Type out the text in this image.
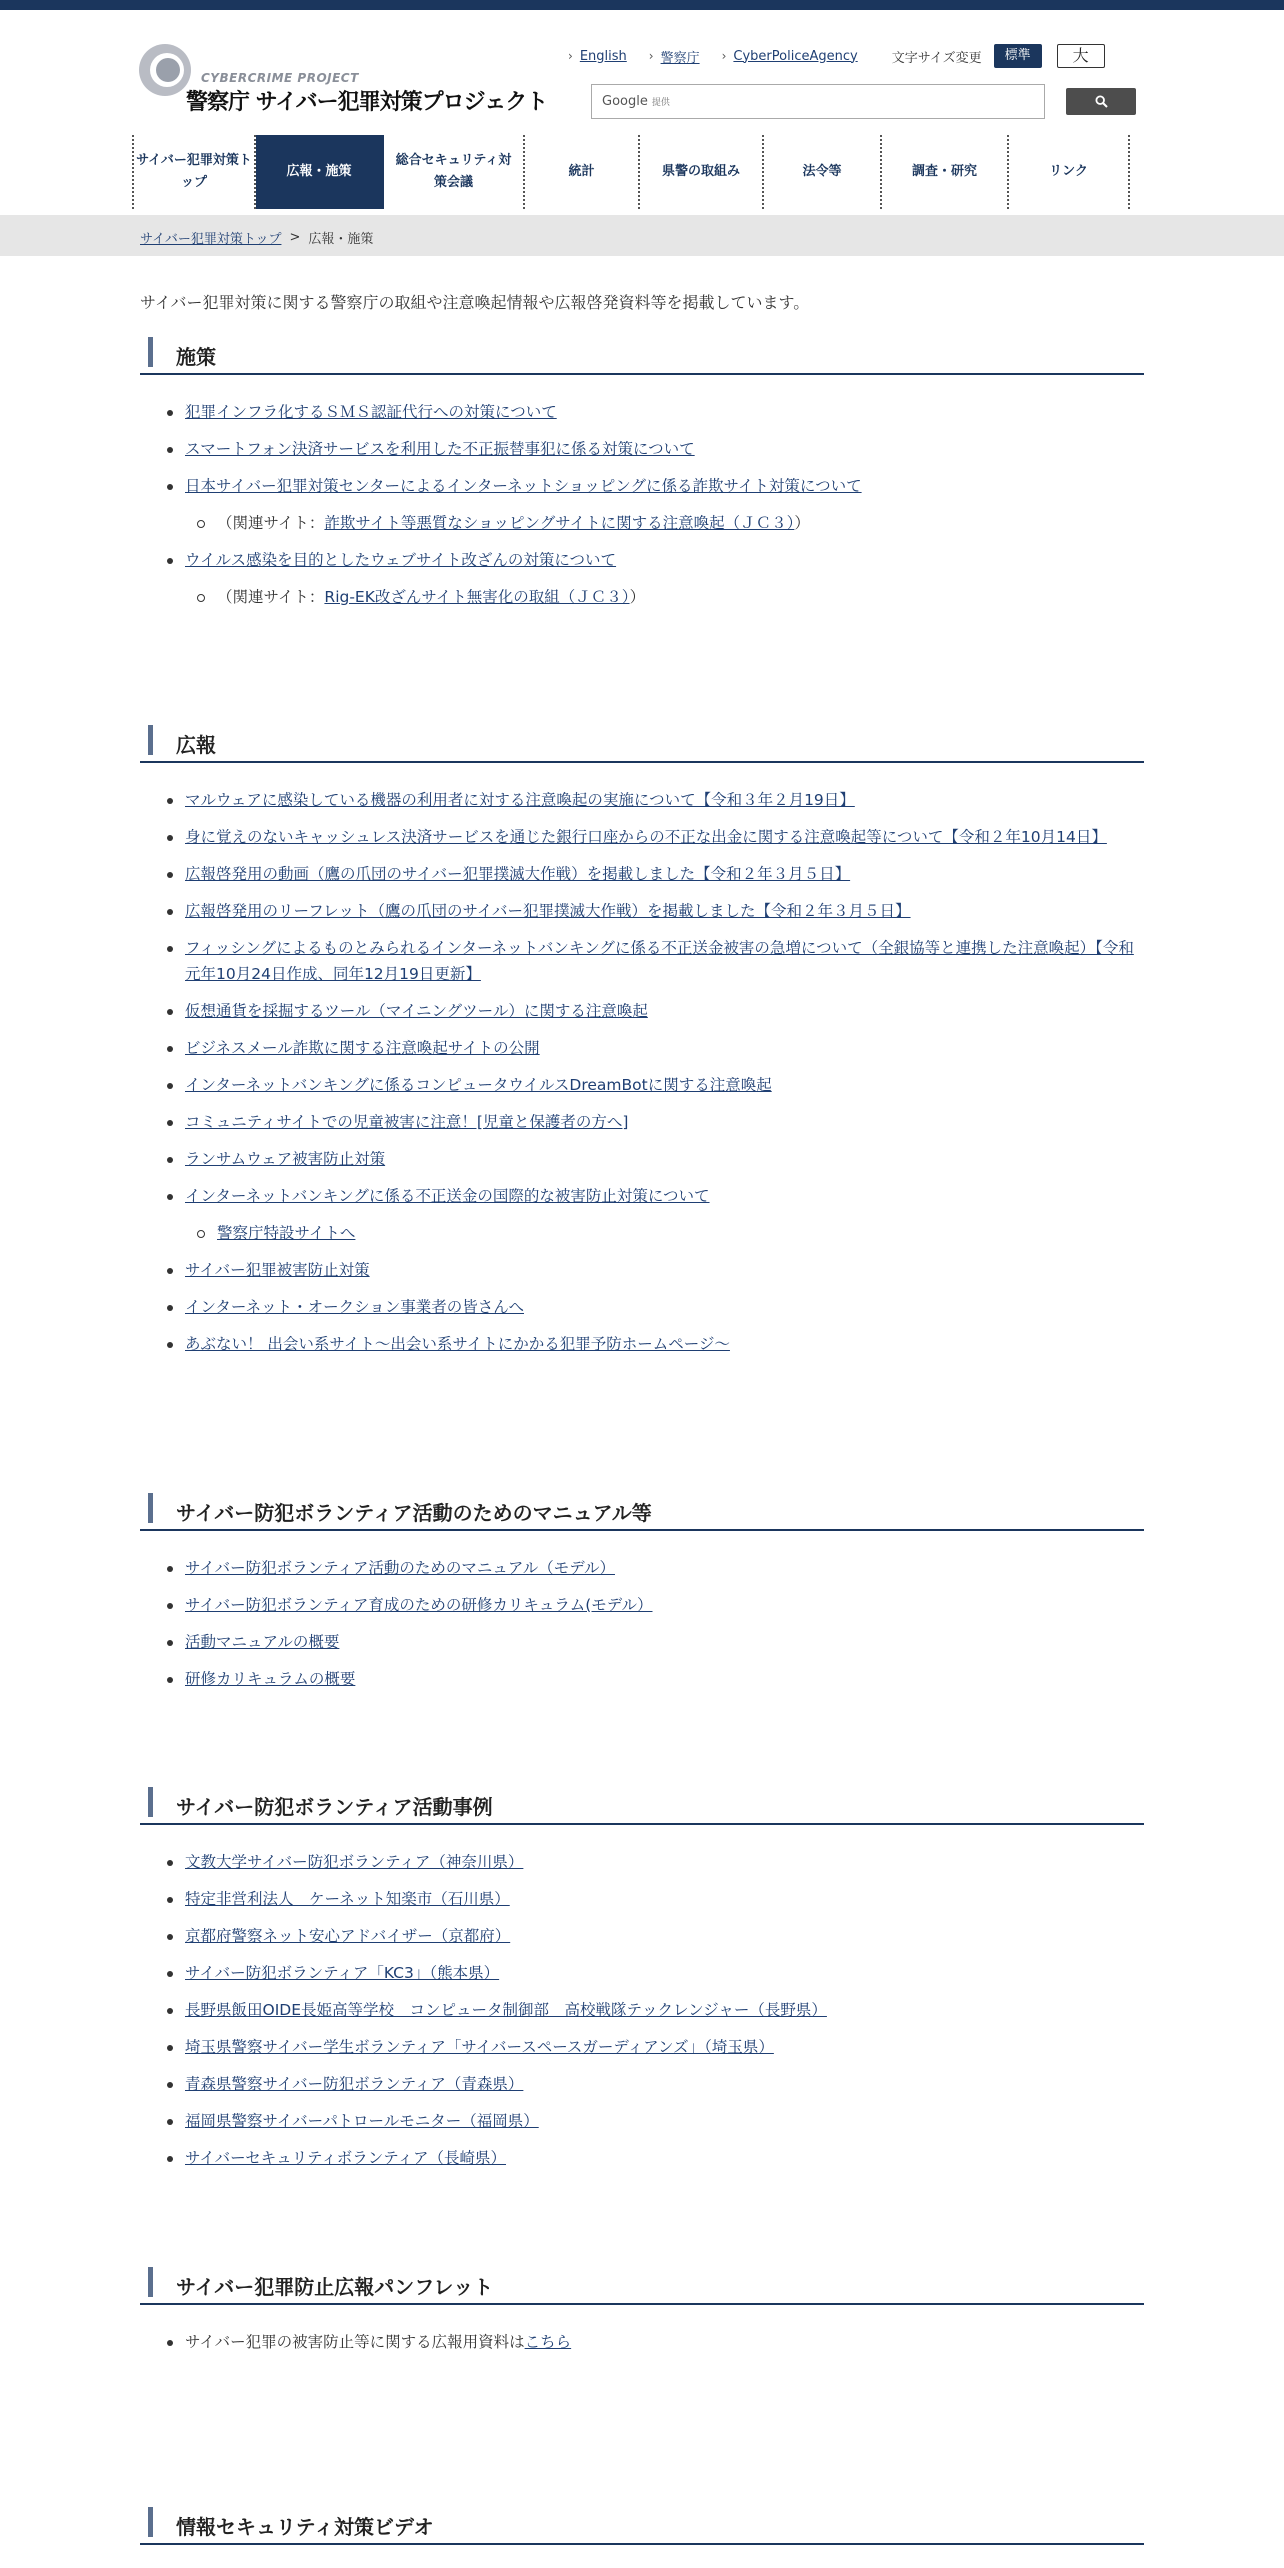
CYBERCRIME PROJECT
警察庁 サイバー犯罪対策プロジェクト
› English › 警察庁 › CyberPoliceAgency	文字サイズ変更	標準	大
Google 提供
サイバー犯罪対策トップ
広報・施策
総合セキュリティ対策会議
統計	県警の取組み	法令等	調査・研究	リンク
サイバー犯罪対策トップ > 広報・施策

サイバー犯罪対策に関する警察庁の取組や注意喚起情報や広報啓発資料等を掲載しています。

施策
犯罪インフラ化するＳＭＳ認証代行への対策について
スマートフォン決済サービスを利用した不正振替事犯に係る対策について
日本サイバー犯罪対策センターによるインターネットショッピングに係る詐欺サイト対策について
（関連サイト：詐欺サイト等悪質なショッピングサイトに関する注意喚起（ＪＣ３））
ウイルス感染を目的としたウェブサイト改ざんの対策について
（関連サイト：Rig-EK改ざんサイト無害化の取組（ＪＣ３））
広報
マルウェアに感染している機器の利用者に対する注意喚起の実施について【令和３年２月19日】
身に覚えのないキャッシュレス決済サービスを通じた銀行口座からの不正な出金に関する注意喚起等について【令和２年10月14日】
広報啓発用の動画（鷹の爪団のサイバー犯罪撲滅大作戦）を掲載しました【令和２年３月５日】
広報啓発用のリーフレット（鷹の爪団のサイバー犯罪撲滅大作戦）を掲載しました【令和２年３月５日】
フィッシングによるものとみられるインターネットバンキングに係る不正送金被害の急増について（全銀協等と連携した注意喚起）【令和元年10月24日作成、同年12月19日更新】
仮想通貨を採掘するツール（マイニングツール）に関する注意喚起
ビジネスメール詐欺に関する注意喚起サイトの公開
インターネットバンキングに係るコンピュータウイルスDreamBotに関する注意喚起
コミュニティサイトでの児童被害に注意！[児童と保護者の方へ]
ランサムウェア被害防止対策
インターネットバンキングに係る不正送金の国際的な被害防止対策について
警察庁特設サイトへ
サイバー犯罪被害防止対策
インターネット・オークション事業者の皆さんへ
あぶない！ 出会い系サイト～出会い系サイトにかかる犯罪予防ホームページ～
サイバー防犯ボランティア活動のためのマニュアル等
サイバー防犯ボランティア活動のためのマニュアル（モデル）
サイバー防犯ボランティア育成のための研修カリキュラム(モデル）
活動マニュアルの概要
研修カリキュラムの概要
サイバー防犯ボランティア活動事例
文教大学サイバー防犯ボランティア（神奈川県）
特定非営利法人　ケーネット知楽市（石川県）
京都府警察ネット安心アドバイザー（京都府）
サイバー防犯ボランティア「KC3」（熊本県）
長野県飯田OIDE長姫高等学校　コンピュータ制御部　高校戦隊テックレンジャー（長野県）
埼玉県警察サイバー学生ボランティア「サイバースペースガーディアンズ」（埼玉県）
青森県警察サイバー防犯ボランティア（青森県）
福岡県警察サイバーパトロールモニター（福岡県）
サイバーセキュリティボランティア（長崎県）
サイバー犯罪防止広報パンフレット
サイバー犯罪の被害防止等に関する広報用資料はこちら
情報セキュリティ対策ビデオ
